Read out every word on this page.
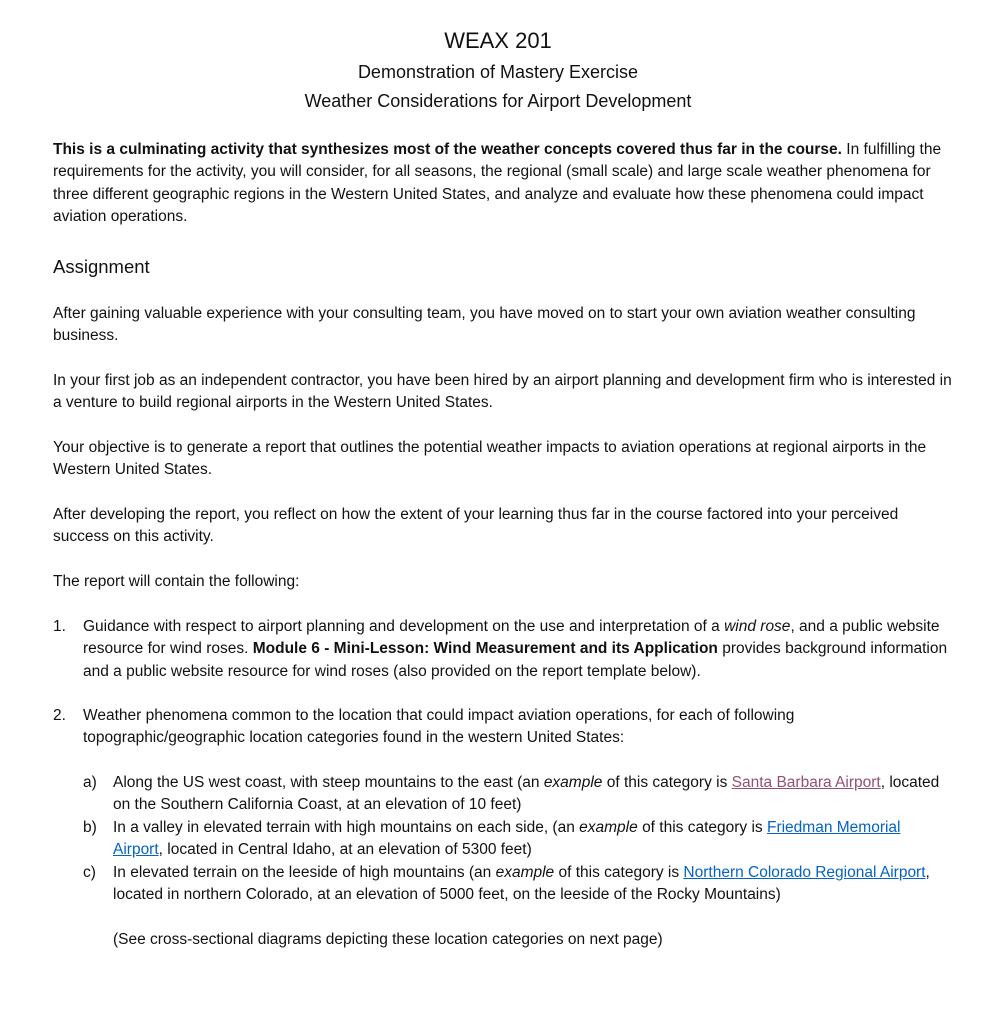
WEAX 201
Demonstration of Mastery Exercise
Weather Considerations for Airport Development
This is a culminating activity that synthesizes most of the weather concepts covered thus far in the course. In fulfilling the requirements for the activity, you will consider, for all seasons, the regional (small scale) and large scale weather phenomena for three different geographic regions in the Western United States, and analyze and evaluate how these phenomena could impact aviation operations.
Assignment
After gaining valuable experience with your consulting team, you have moved on to start your own aviation weather consulting business.
In your first job as an independent contractor, you have been hired by an airport planning and development firm who is interested in a venture to build regional airports in the Western United States.
Your objective is to generate a report that outlines the potential weather impacts to aviation operations at regional airports in the Western United States.
After developing the report, you reflect on how the extent of your learning thus far in the course factored into your perceived success on this activity.
The report will contain the following:
1. Guidance with respect to airport planning and development on the use and interpretation of a wind rose, and a public website resource for wind roses. Module 6 - Mini-Lesson: Wind Measurement and its Application provides background information and a public website resource for wind roses (also provided on the report template below).
2. Weather phenomena common to the location that could impact aviation operations, for each of following topographic/geographic location categories found in the western United States:
a) Along the US west coast, with steep mountains to the east (an example of this category is Santa Barbara Airport, located on the Southern California Coast, at an elevation of 10 feet)
b) In a valley in elevated terrain with high mountains on each side, (an example of this category is Friedman Memorial Airport, located in Central Idaho, at an elevation of 5300 feet)
c) In elevated terrain on the leeside of high mountains (an example of this category is Northern Colorado Regional Airport, located in northern Colorado, at an elevation of 5000 feet, on the leeside of the Rocky Mountains)
(See cross-sectional diagrams depicting these location categories on next page)
